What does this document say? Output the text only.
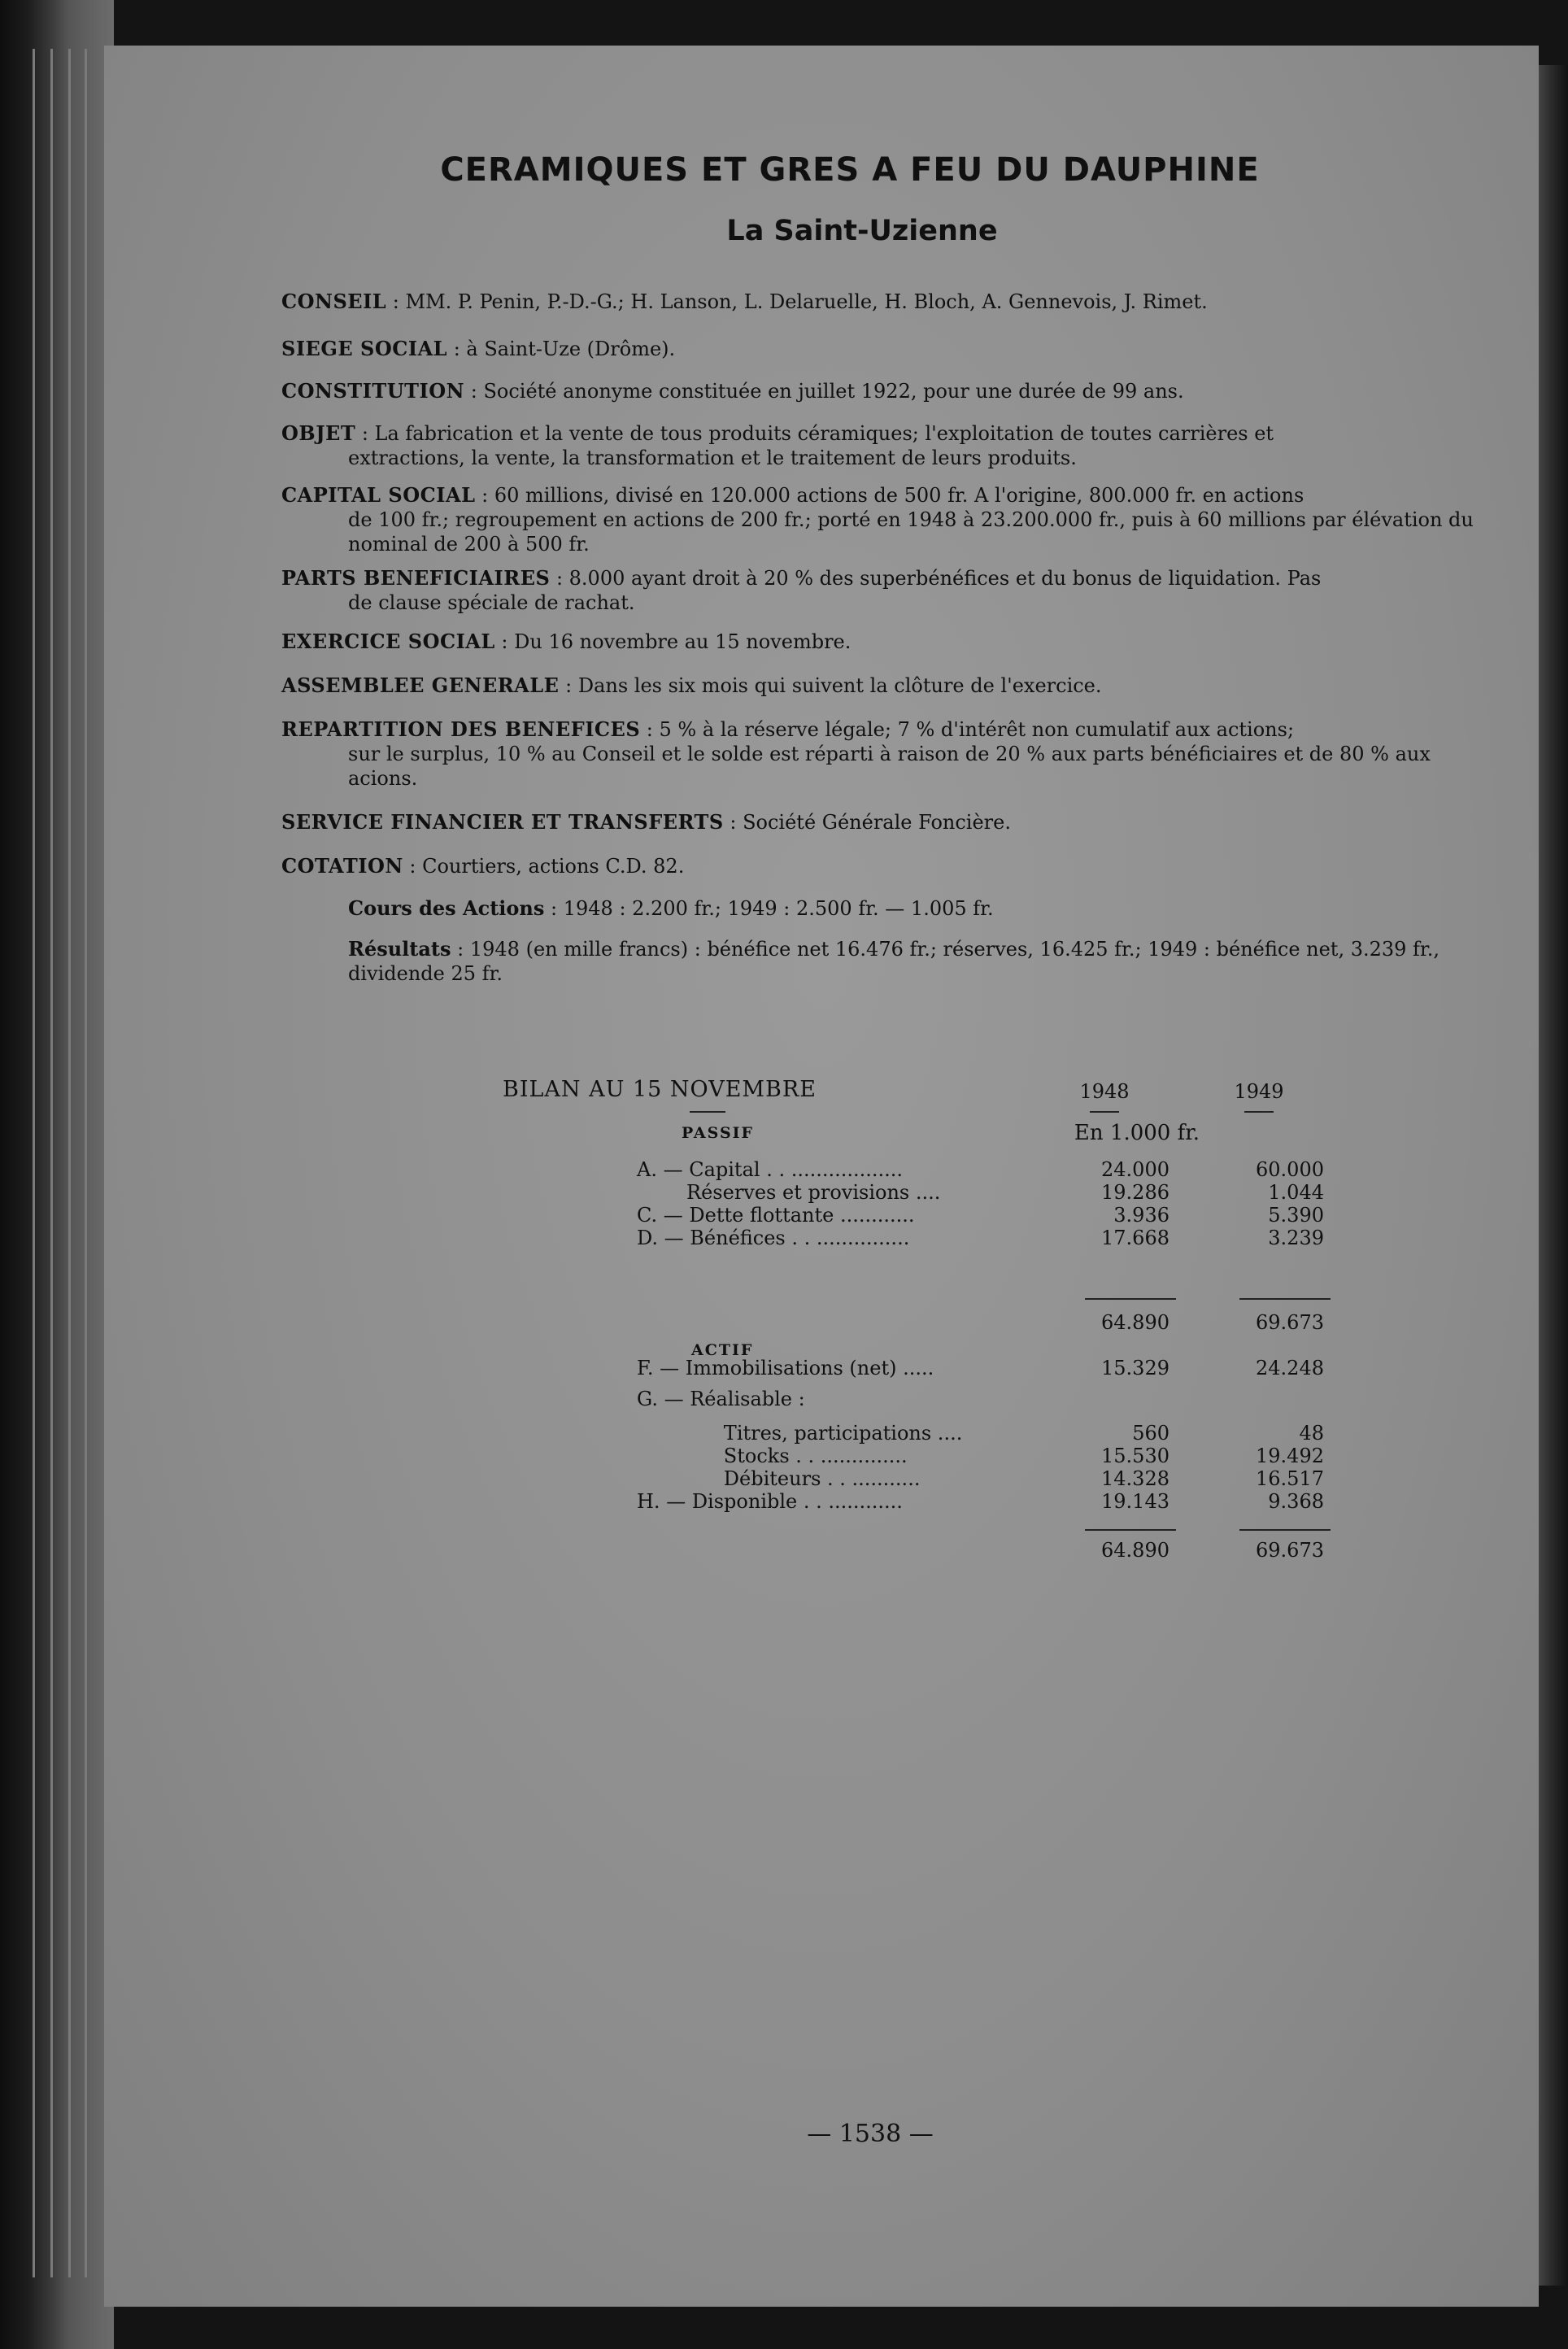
CERAMIQUES ET GRES A FEU DU DAUPHINE
La Saint-Uzienne
CONSEIL : MM. P. Penin, P.-D.-G.; H. Lanson, L. Delaruelle, H. Bloch, A. Gennevois, J. Rimet.
SIEGE SOCIAL : à Saint-Uze (Drôme).
CONSTITUTION : Société anonyme constituée en juillet 1922, pour une durée de 99 ans.
OBJET : La fabrication et la vente de tous produits céramiques; l'exploitation de toutes carrières et
extractions, la vente, la transformation et le traitement de leurs produits.
CAPITAL SOCIAL : 60 millions, divisé en 120.000 actions de 500 fr. A l'origine, 800.000 fr. en actions
de 100 fr.; regroupement en actions de 200 fr.; porté en 1948 à 23.200.000 fr., puis à 60 millions par élévation du nominal de 200 à 500 fr.
PARTS BENEFICIAIRES : 8.000 ayant droit à 20 % des superbénéfices et du bonus de liquidation. Pas
de clause spéciale de rachat.
EXERCICE SOCIAL : Du 16 novembre au 15 novembre.
ASSEMBLEE GENERALE : Dans les six mois qui suivent la clôture de l'exercice.
REPARTITION DES BENEFICES : 5 % à la réserve légale; 7 % d'intérêt non cumulatif aux actions;
sur le surplus, 10 % au Conseil et le solde est réparti à raison de 20 % aux parts bénéficiaires et de 80 % aux acions.
SERVICE FINANCIER ET TRANSFERTS : Société Générale Foncière.
COTATION : Courtiers, actions C.D. 82.
Cours des Actions : 1948 : 2.200 fr.; 1949 : 2.500 fr. — 1.005 fr.
Résultats : 1948 (en mille francs) : bénéfice net 16.476 fr.; réserves, 16.425 fr.; 1949 : bénéfice net, 3.239 fr., dividende 25 fr.
BILAN AU 15 NOVEMBRE	1948	1949
PASSIF	En 1.000 fr.
A. — Capital . . ..................	24.000	60.000
Réserves et provisions ....	19.286	1.044
C. — Dette flottante ............	3.936	5.390
D. — Bénéfices . . ...............	17.668	3.239
64.890	69.673
ACTIF
F. — Immobilisations (net) .....	15.329	24.248
G. — Réalisable :
Titres, participations ....	560	48
Stocks . . ..............	15.530	19.492
Débiteurs . . ...........	14.328	16.517
H. — Disponible . . ............	19.143	9.368
64.890	69.673
— 1538 —
